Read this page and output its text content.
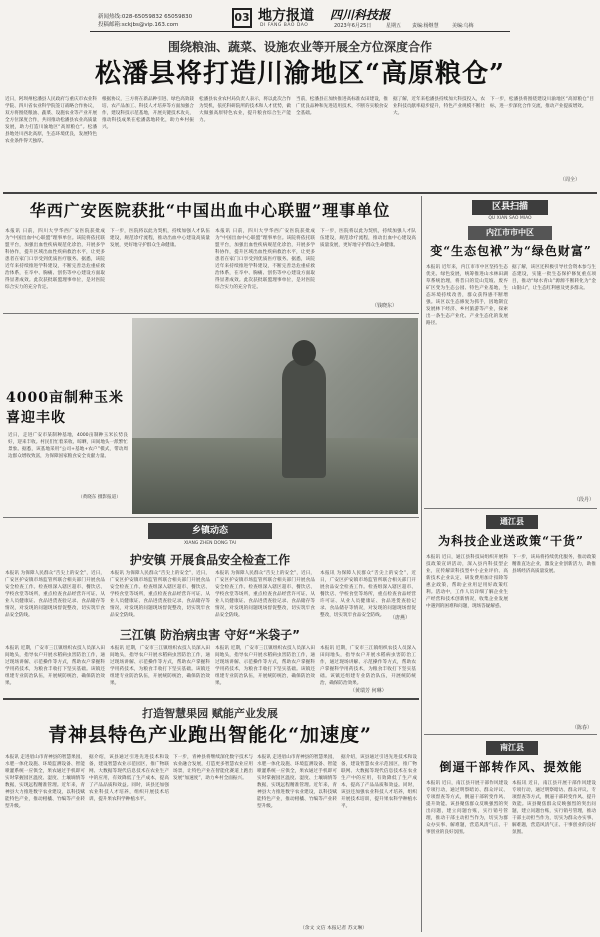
新闻热线:028-65059832 65059830
投稿邮箱:sckjbs@vip.163.com
03 地方报道
DI FANG BAO DAO
四川科技报
2023年6月25日	星期五 责编:杨继慧	美编:乌梅
围绕粮油、蔬菜、设施农业等开展全方位深度合作
松潘县将打造川渝地区“高原粮仓”
近日，阿坝州松潘县人民政府与重庆市农业科学院、四川省农业科学院签订战略合作协议，双方将围绕粮油、蔬菜、设施农业等产业开展全方位深度合作，共同推动松潘县农业高质量发展，助力打造川渝地区“高原粮仓”。松潘县地处川西北高原，生态环境优良，发展特色农业条件得天独厚。
根据协议，三方将在新品种引进、绿色高效栽培、农产品加工、科技人才培养等方面加强合作，建设科技示范基地，开展关键技术攻关，推动科技成果在松潘落地转化，助力乡村振兴。
松潘县农业农村局负责人表示，将以此次合作为契机，依托科研院所的技术和人才优势，做大做强高原特色农业，提升粮食综合生产能力。
当前，松潘县正加快推进高标准农田建设，推广优良品种和先进适用技术，不断夯实粮食安全基础。
据了解，近年来松潘县持续加大科技投入，农业科技贡献率稳步提升，特色产业规模不断壮大。
下一步，松潘县将围绕建设川渝地区“高原粮仓”目标，进一步深化合作交流，推动产业提质增效。
（周全）
华西广安医院获批“中国出血中心联盟”理事单位
本报讯 日前，四川大学华西广安医院获批成为“中国出血中心联盟”理事单位。该院将依托联盟平台，加强出血性疾病规范化诊治，开展多学科协作，提升区域出血性疾病救治水平，让更多患者在家门口享受到优质医疗服务。据悉，该院近年来持续推进学科建设，不断完善急危重症救治体系，在卒中、胸痛、创伤等中心建设方面取得显著成效。此次获批联盟理事单位，是对医院综合实力的充分肯定。
下一步，医院将以此为契机，持续加强人才队伍建设，规范诊疗流程，推动出血中心建设高质量发展，更好地守护群众生命健康。
本报讯 日前，四川大学华西广安医院获批成为“中国出血中心联盟”理事单位。该院将依托联盟平台，加强出血性疾病规范化诊治，开展多学科协作，提升区域出血性疾病救治水平，让更多患者在家门口享受到优质医疗服务。据悉，该院近年来持续推进学科建设，不断完善急危重症救治体系，在卒中、胸痛、创伤等中心建设方面取得显著成效。此次获批联盟理事单位，是对医院综合实力的充分肯定。
下一步，医院将以此为契机，持续加强人才队伍建设，规范诊疗流程，推动出血中心建设高质量发展，更好地守护群众生命健康。
（钱晓东）
4000亩制种玉米喜迎丰收
近日，走进广安市某制种基地，4000亩制种玉米长势良好，迎来丰收。村民们忙着采收、晾晒，田间地头一派繁忙景象。据悉，该基地采用“公司+基地+农户”模式，带动周边群众增收致富，为保障国家粮食安全贡献力量。
（黄晓东 摄影报道）
乡镇动态
XIANG ZHEN DONG TAI
护安镇 开展食品安全检查工作
本报讯 为保障人民群众“舌尖上的安全”，近日，广安区护安镇市场监管所联合相关部门开展食品安全检查工作。检查组深入辖区超市、餐饮店、学校食堂等场所，重点检查食品经营许可证、从业人员健康证、食品进货查验记录、食品储存等情况，对发现的问题现场督促整改，切实筑牢食品安全防线。
本报讯 为保障人民群众“舌尖上的安全”，近日，广安区护安镇市场监管所联合相关部门开展食品安全检查工作。检查组深入辖区超市、餐饮店、学校食堂等场所，重点检查食品经营许可证、从业人员健康证、食品进货查验记录、食品储存等情况，对发现的问题现场督促整改，切实筑牢食品安全防线。
本报讯 为保障人民群众“舌尖上的安全”，近日，广安区护安镇市场监管所联合相关部门开展食品安全检查工作。检查组深入辖区超市、餐饮店、学校食堂等场所，重点检查食品经营许可证、从业人员健康证、食品进货查验记录、食品储存等情况，对发现的问题现场督促整改，切实筑牢食品安全防线。
本报讯 为保障人民群众“舌尖上的安全”，近日，广安区护安镇市场监管所联合相关部门开展食品安全检查工作。检查组深入辖区超市、餐饮店、学校食堂等场所，重点检查食品经营许可证、从业人员健康证、食品进货查验记录、食品储存等情况，对发现的问题现场督促整改，切实筑牢食品安全防线。	（唐燕）
三江镇 防治病虫害 守好“米袋子”
本报讯 近期，广安市三江镇组织农技人员深入田间地头，指导农户开展水稻病虫害防治工作，通过现场讲解、示范操作等方式，帮助农户掌握科学用药技术，为粮食丰收打下坚实基础。该镇还组建专业防治队伍，开展统防统治，确保防治效果。
本报讯 近期，广安市三江镇组织农技人员深入田间地头，指导农户开展水稻病虫害防治工作，通过现场讲解、示范操作等方式，帮助农户掌握科学用药技术，为粮食丰收打下坚实基础。该镇还组建专业防治队伍，开展统防统治，确保防治效果。
本报讯 近期，广安市三江镇组织农技人员深入田间地头，指导农户开展水稻病虫害防治工作，通过现场讲解、示范操作等方式，帮助农户掌握科学用药技术，为粮食丰收打下坚实基础。该镇还组建专业防治队伍，开展统防统治，确保防治效果。
本报讯 近期，广安市三江镇组织农技人员深入田间地头，指导农户开展水稻病虫害防治工作，通过现场讲解、示范操作等方式，帮助农户掌握科学用药技术，为粮食丰收打下坚实基础。该镇还组建专业防治队伍，开展统防统治，确保防治效果。
（黄瑞芳 何琳）
打造智慧果园 赋能产业发展
青神县特色产业跑出智能化“加速度”
本报讯 走进眉山市青神县的智慧果园，水肥一体化设施、环境监测设备、智能喷灌系统一应俱全，果农通过手机即可实时掌握园区温度、湿度、土壤墒情等数据，实现远程精准管理。近年来，青神县大力推进数字农业建设，以科技赋能特色产业，推动柑橘、竹编等产业转型升级。
据介绍，该县通过引进先进技术和设备，建设智慧农业示范园区，推广物联网、大数据等现代信息技术在农业生产中的应用，有效降低了生产成本，提高了产品品质和效益。同时，该县还加强农业科技人才培养，组织开展技术培训，提升果农科学种植水平。
下一步，青神县将继续深化数字技术与农业融合发展，打造更多智慧农业应用场景，让特色产业在智能化赛道上跑出发展“加速度”，助力乡村全面振兴。
本报讯 走进眉山市青神县的智慧果园，水肥一体化设施、环境监测设备、智能喷灌系统一应俱全，果农通过手机即可实时掌握园区温度、湿度、土壤墒情等数据，实现远程精准管理。近年来，青神县大力推进数字农业建设，以科技赋能特色产业，推动柑橘、竹编等产业转型升级。
据介绍，该县通过引进先进技术和设备，建设智慧农业示范园区，推广物联网、大数据等现代信息技术在农业生产中的应用，有效降低了生产成本，提高了产品品质和效益。同时，该县还加强农业科技人才培养，组织开展技术培训，提升果农科学种植水平。
（余文 文信 本报记者 苏文琳）
区县扫描
QU XIAN SAO MIAO
内江市市中区
变“生态包袱”为“绿色财富”
本报讯 近年来，内江市市中区坚持生态优先、绿色发展，统筹推进山水林田湖草系统治理，将昔日的荒山荒坡、废弃矿区变为生态公园、特色产业基地，生态环境持续改善，群众获得感不断增强。该区以生态修复为抓手，因地制宜发展林下经济、乡村旅游等产业，探索出一条生态产业化、产业生态化的发展路径。
据了解，该区还积极引导社会资本参与生态建设，实施一批生态保护修复重点项目，推动“绿水青山”源源不断转化为“金山银山”，让生态红利惠及更多群众。
（段丹）
通江县
为科技企业送政策“干货”
本报讯 近日，通江县科技局组织开展科技政策宣讲活动，深入县内科技型企业，宣传解读科技型中小企业评价、高新技术企业认定、研发费用加计扣除等惠企政策，帮助企业用足用好政策红利。活动中，工作人员详细了解企业生产经营和技术创新情况，收集企业发展中遇到的困难和问题，现场答疑解惑。
下一步，该局将持续优化服务，推动政策精准直达企业，激发企业创新活力，助推县域经济高质量发展。
（陈春）
南江县
倒逼干部转作风、提效能
本报讯 近日，南江县开展干部作风建设专项行动，通过明察暗访、群众评议、专项督查等方式，倒逼干部转变作风、提升效能。该县聚焦群众反映强烈的突出问题，建立问题台账，实行销号管理，推动干部主动担当作为，切实为群众办实事、解难题，营造风清气正、干事创业的良好氛围。
本报讯 近日，南江县开展干部作风建设专项行动，通过明察暗访、群众评议、专项督查等方式，倒逼干部转变作风、提升效能。该县聚焦群众反映强烈的突出问题，建立问题台账，实行销号管理，推动干部主动担当作为，切实为群众办实事、解难题，营造风清气正、干事创业的良好氛围。
